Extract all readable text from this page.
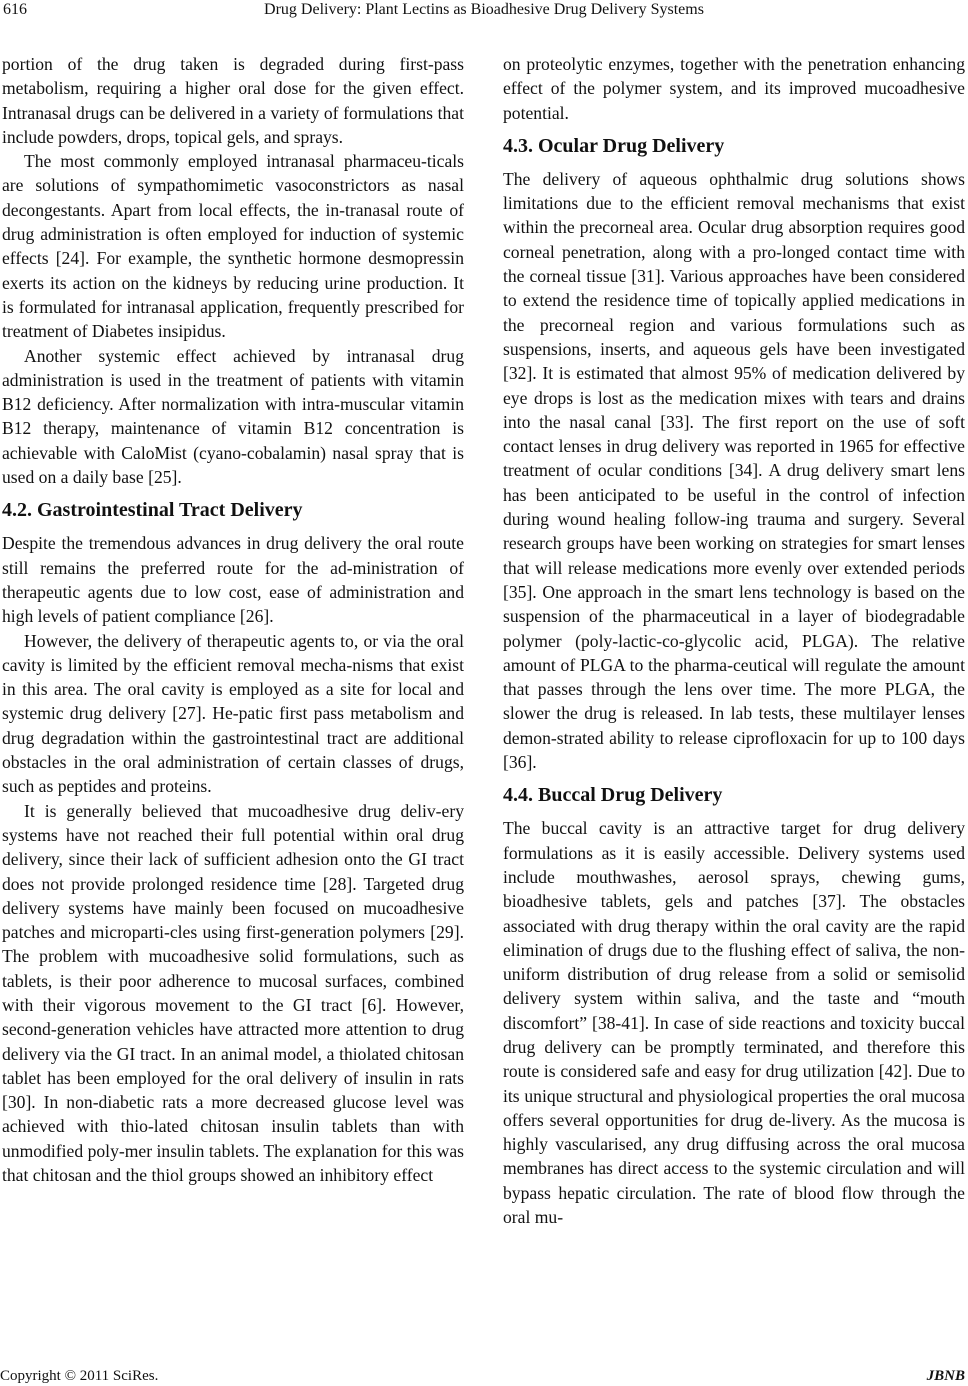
616	Drug Delivery: Plant Lectins as Bioadhesive Drug Delivery Systems

portion of the drug taken is degraded during first-pass metabolism, requiring a higher oral dose for the given effect. Intranasal drugs can be delivered in a variety of formulations that include powders, drops, topical gels, and sprays.

The most commonly employed intranasal pharmaceu-ticals are solutions of sympathomimetic vasoconstrictors as nasal decongestants. Apart from local effects, the in-tranasal route of drug administration is often employed for induction of systemic effects [24]. For example, the synthetic hormone desmopressin exerts its action on the kidneys by reducing urine production. It is formulated for intranasal application, frequently prescribed for treatment of Diabetes insipidus.

Another systemic effect achieved by intranasal drug administration is used in the treatment of patients with vitamin B12 deficiency. After normalization with intra-muscular vitamin B12 therapy, maintenance of vitamin B12 concentration is achievable with CaloMist (cyano-cobalamin) nasal spray that is used on a daily base [25].

4.2. Gastrointestinal Tract Delivery

Despite the tremendous advances in drug delivery the oral route still remains the preferred route for the ad-ministration of therapeutic agents due to low cost, ease of administration and high levels of patient compliance [26].

However, the delivery of therapeutic agents to, or via the oral cavity is limited by the efficient removal mecha-nisms that exist in this area. The oral cavity is employed as a site for local and systemic drug delivery [27]. He-patic first pass metabolism and drug degradation within the gastrointestinal tract are additional obstacles in the oral administration of certain classes of drugs, such as peptides and proteins.

It is generally believed that mucoadhesive drug deliv-ery systems have not reached their full potential within oral drug delivery, since their lack of sufficient adhesion onto the GI tract does not provide prolonged residence time [28]. Targeted drug delivery systems have mainly been focused on mucoadhesive patches and microparti-cles using first-generation polymers [29]. The problem with mucoadhesive solid formulations, such as tablets, is their poor adherence to mucosal surfaces, combined with their vigorous movement to the GI tract [6]. However, second-generation vehicles have attracted more attention to drug delivery via the GI tract. In an animal model, a thiolated chitosan tablet has been employed for the oral delivery of insulin in rats [30]. In non-diabetic rats a more decreased glucose level was achieved with thio-lated chitosan insulin tablets than with unmodified poly-mer insulin tablets. The explanation for this was that chitosan and the thiol groups showed an inhibitory effect

on proteolytic enzymes, together with the penetration enhancing effect of the polymer system, and its improved mucoadhesive potential.

4.3. Ocular Drug Delivery

The delivery of aqueous ophthalmic drug solutions shows limitations due to the efficient removal mechanisms that exist within the precorneal area. Ocular drug absorption requires good corneal penetration, along with a pro-longed contact time with the corneal tissue [31]. Various approaches have been considered to extend the residence time of topically applied medications in the precorneal region and various formulations such as suspensions, inserts, and aqueous gels have been investigated [32]. It is estimated that almost 95% of medication delivered by eye drops is lost as the medication mixes with tears and drains into the nasal canal [33]. The first report on the use of soft contact lenses in drug delivery was reported in 1965 for effective treatment of ocular conditions [34]. A drug delivery smart lens has been anticipated to be useful in the control of infection during wound healing follow-ing trauma and surgery. Several research groups have been working on strategies for smart lenses that will release medications more evenly over extended periods [35]. One approach in the smart lens technology is based on the suspension of the pharmaceutical in a layer of biodegradable polymer (poly-lactic-co-glycolic acid, PLGA). The relative amount of PLGA to the pharma-ceutical will regulate the amount that passes through the lens over time. The more PLGA, the slower the drug is released. In lab tests, these multilayer lenses demon-strated ability to release ciprofloxacin for up to 100 days [36].

4.4. Buccal Drug Delivery

The buccal cavity is an attractive target for drug delivery formulations as it is easily accessible. Delivery systems used include mouthwashes, aerosol sprays, chewing gums, bioadhesive tablets, gels and patches [37]. The obstacles associated with drug therapy within the oral cavity are the rapid elimination of drugs due to the flushing effect of saliva, the non-uniform distribution of drug release from a solid or semisolid delivery system within saliva, and the taste and “mouth discomfort” [38-41]. In case of side reactions and toxicity buccal drug delivery can be promptly terminated, and therefore this route is considered safe and easy for drug utilization [42]. Due to its unique structural and physiological properties the oral mucosa offers several opportunities for drug de-livery. As the mucosa is highly vascularised, any drug diffusing across the oral mucosa membranes has direct access to the systemic circulation and will bypass hepatic circulation. The rate of blood flow through the oral mu-

Copyright © 2011 SciRes.	JBNB
